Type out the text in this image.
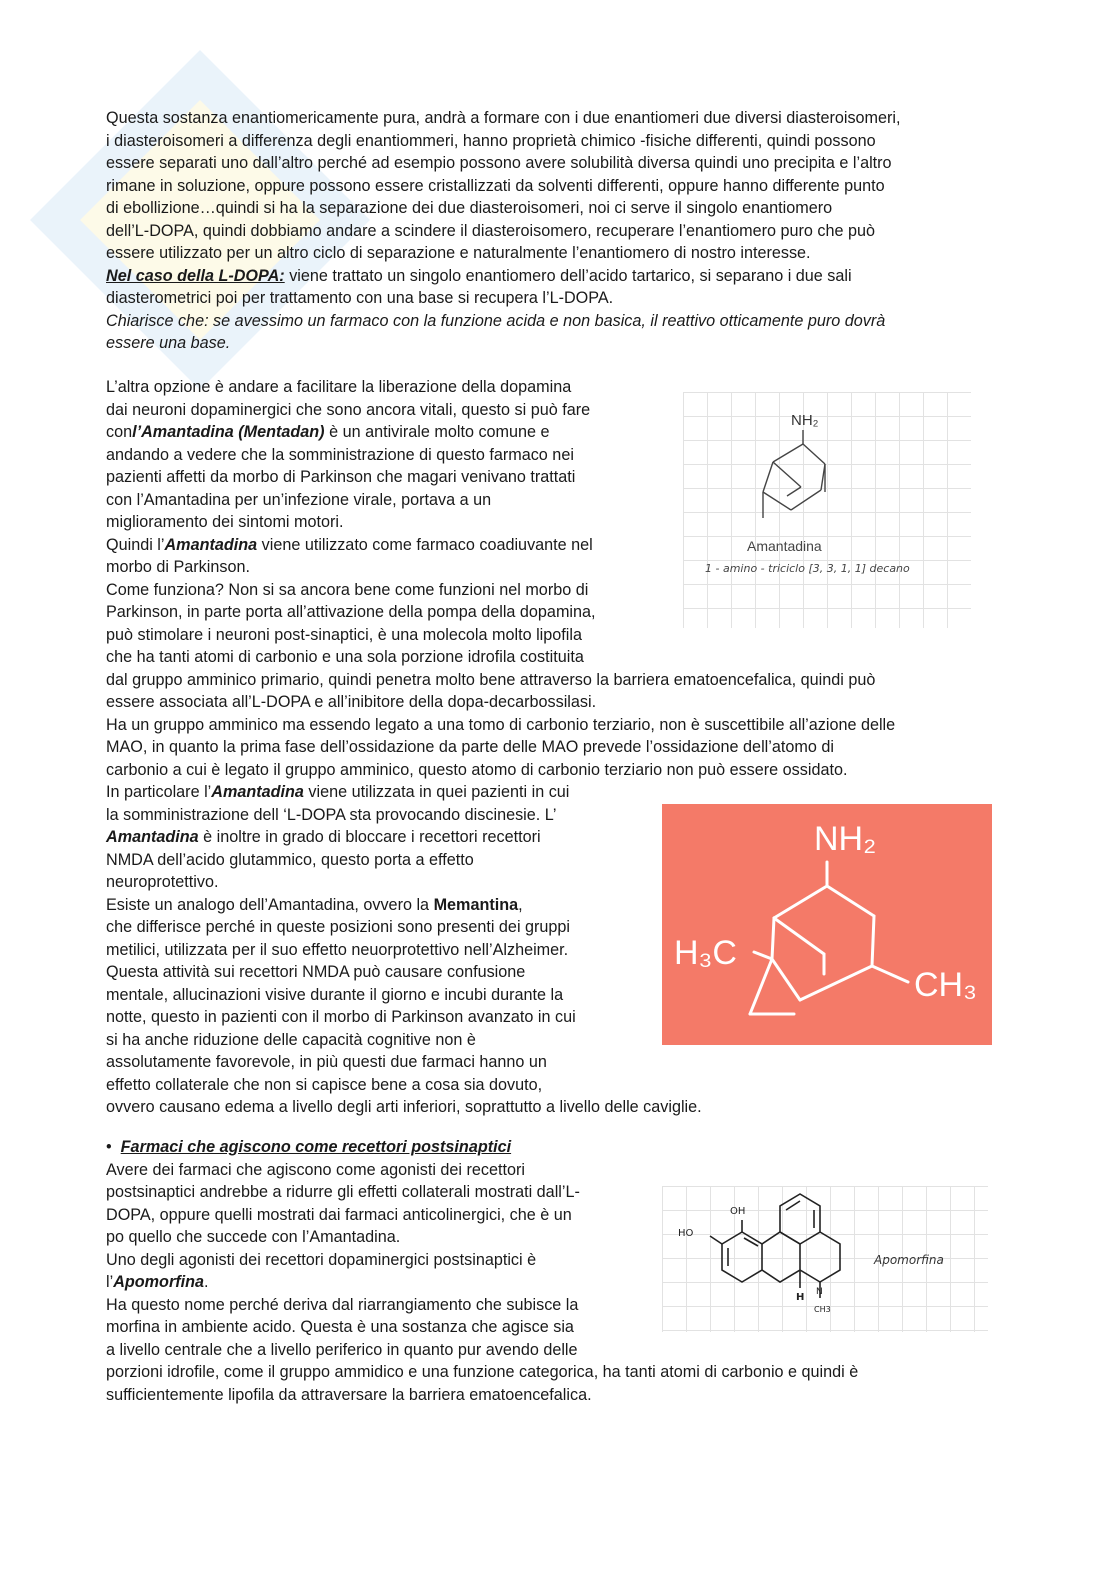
Questa sostanza enantiomericamente pura, andrà a formare con i due enantiomeri due diversi diasteroisomeri,

i diasteroisomeri a differenza degli enantiommeri, hanno proprietà chimico -fisiche differenti, quindi possono

essere separati uno dall’altro perché ad esempio possono avere solubilità diversa quindi uno precipita e l’altro

rimane in soluzione, oppure possono essere cristallizzati da solventi differenti, oppure hanno differente punto

di ebollizione…quindi si ha la separazione dei due diasteroisomeri, noi ci serve il singolo enantiomero

dell’L-DOPA, quindi dobbiamo andare a scindere il diasteroisomero, recuperare l’enantiomero puro che può

essere utilizzato per un altro ciclo di separazione e naturalmente l’enantiomero di nostro interesse.

Nel caso della L-DOPA: viene trattato un singolo enantiomero dell’acido tartarico, si separano i due sali

diasterometrici poi per trattamento con una base si recupera l’L-DOPA.

Chiarisce che: se avessimo un farmaco con la funzione acida e non basica, il reattivo otticamente puro dovrà

essere una base.

L’altra opzione è andare a facilitare la liberazione della dopamina

dai neuroni dopaminergici che sono ancora vitali, questo si può fare

conl’Amantadina (Mentadan) è un antivirale molto comune e

andando a vedere che la somministrazione di questo farmaco nei

pazienti affetti da morbo di Parkinson che magari venivano trattati

con l’Amantadina per un’infezione virale, portava a un

miglioramento dei sintomi motori.

Quindi l’Amantadina viene utilizzato come farmaco coadiuvante nel

morbo di Parkinson.

Come funziona? Non si sa ancora bene come funzioni nel morbo di

Parkinson, in parte porta all’attivazione della pompa della dopamina,

può stimolare i neuroni post-sinaptici, è una molecola molto lipofila

che ha tanti atomi di carbonio e una sola porzione idrofila costituita

dal gruppo amminico primario, quindi penetra molto bene attraverso la barriera ematoencefalica, quindi può

essere associata all’L-DOPA e all’inibitore della dopa-decarbossilasi.

Ha un gruppo amminico ma essendo legato a una tomo di carbonio terziario, non è suscettibile all’azione delle

MAO, in quanto la prima fase dell’ossidazione da parte delle MAO prevede l’ossidazione dell’atomo di

carbonio a cui è legato il gruppo amminico, questo atomo di carbonio terziario non può essere ossidato.

NH₂
Amantadina
1 - amino - triciclo [3, 3, 1, 1] decano

In particolare l’Amantadina viene utilizzata in quei pazienti in cui

la somministrazione dell ‘L-DOPA sta provocando discinesie. L’

Amantadina è inoltre in grado di bloccare i recettori recettori

NMDA dell’acido glutammico, questo porta a effetto

neuroprotettivo.

Esiste un analogo dell’Amantadina, ovvero la Memantina,

che differisce perché in queste posizioni sono presenti dei gruppi

metilici, utilizzata per il suo effetto neuorprotettivo nell’Alzheimer.

Questa attività sui recettori NMDA può causare confusione

mentale, allucinazioni visive durante il giorno e incubi durante la

notte, questo in pazienti con il morbo di Parkinson avanzato in cui

si ha anche riduzione delle capacità cognitive non è

assolutamente favorevole, in più questi due farmaci hanno un

effetto collaterale che non si capisce bene a cosa sia dovuto,

ovvero causano edema a livello degli arti inferiori, soprattutto a livello delle caviglie.

NH₂
H₃C
CH₃

• Farmaci che agiscono come recettori postsinaptici

Avere dei farmaci che agiscono come agonisti dei recettori

postsinaptici andrebbe a ridurre gli effetti collaterali mostrati dall’L-

DOPA, oppure quelli mostrati dai farmaci anticolinergici, che è un

po quello che succede con l’Amantadina.

Uno degli agonisti dei recettori dopaminergici postsinaptici è

l’Apomorfina.

Ha questo nome perché deriva dal riarrangiamento che subisce la

morfina in ambiente acido. Questa è una sostanza che agisce sia

a livello centrale che a livello periferico in quanto pur avendo delle

porzioni idrofile, come il gruppo ammidico e una funzione categorica, ha tanti atomi di carbonio e quindi è

sufficientemente lipofila da attraversare la barriera ematoencefalica.

OH
HO
H N
CH3
Apomorfina
